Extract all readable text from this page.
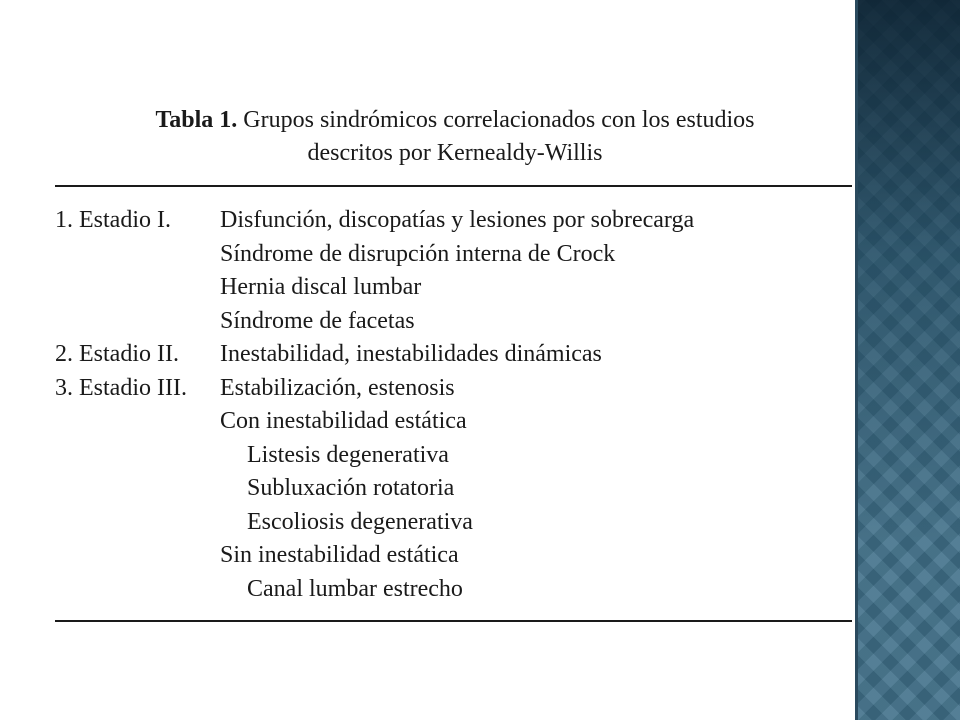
Tabla 1. Grupos sindrómicos correlacionados con los estudios
descritos por Kernealdy-Willis
1. Estadio I. Disfunción, discopatías y lesiones por sobrecarga
Síndrome de disrupción interna de Crock
Hernia discal lumbar
Síndrome de facetas
2. Estadio II. Inestabilidad, inestabilidades dinámicas
3. Estadio III. Estabilización, estenosis
Con inestabilidad estática
Listesis degenerativa
Subluxación rotatoria
Escoliosis degenerativa
Sin inestabilidad estática
Canal lumbar estrecho
